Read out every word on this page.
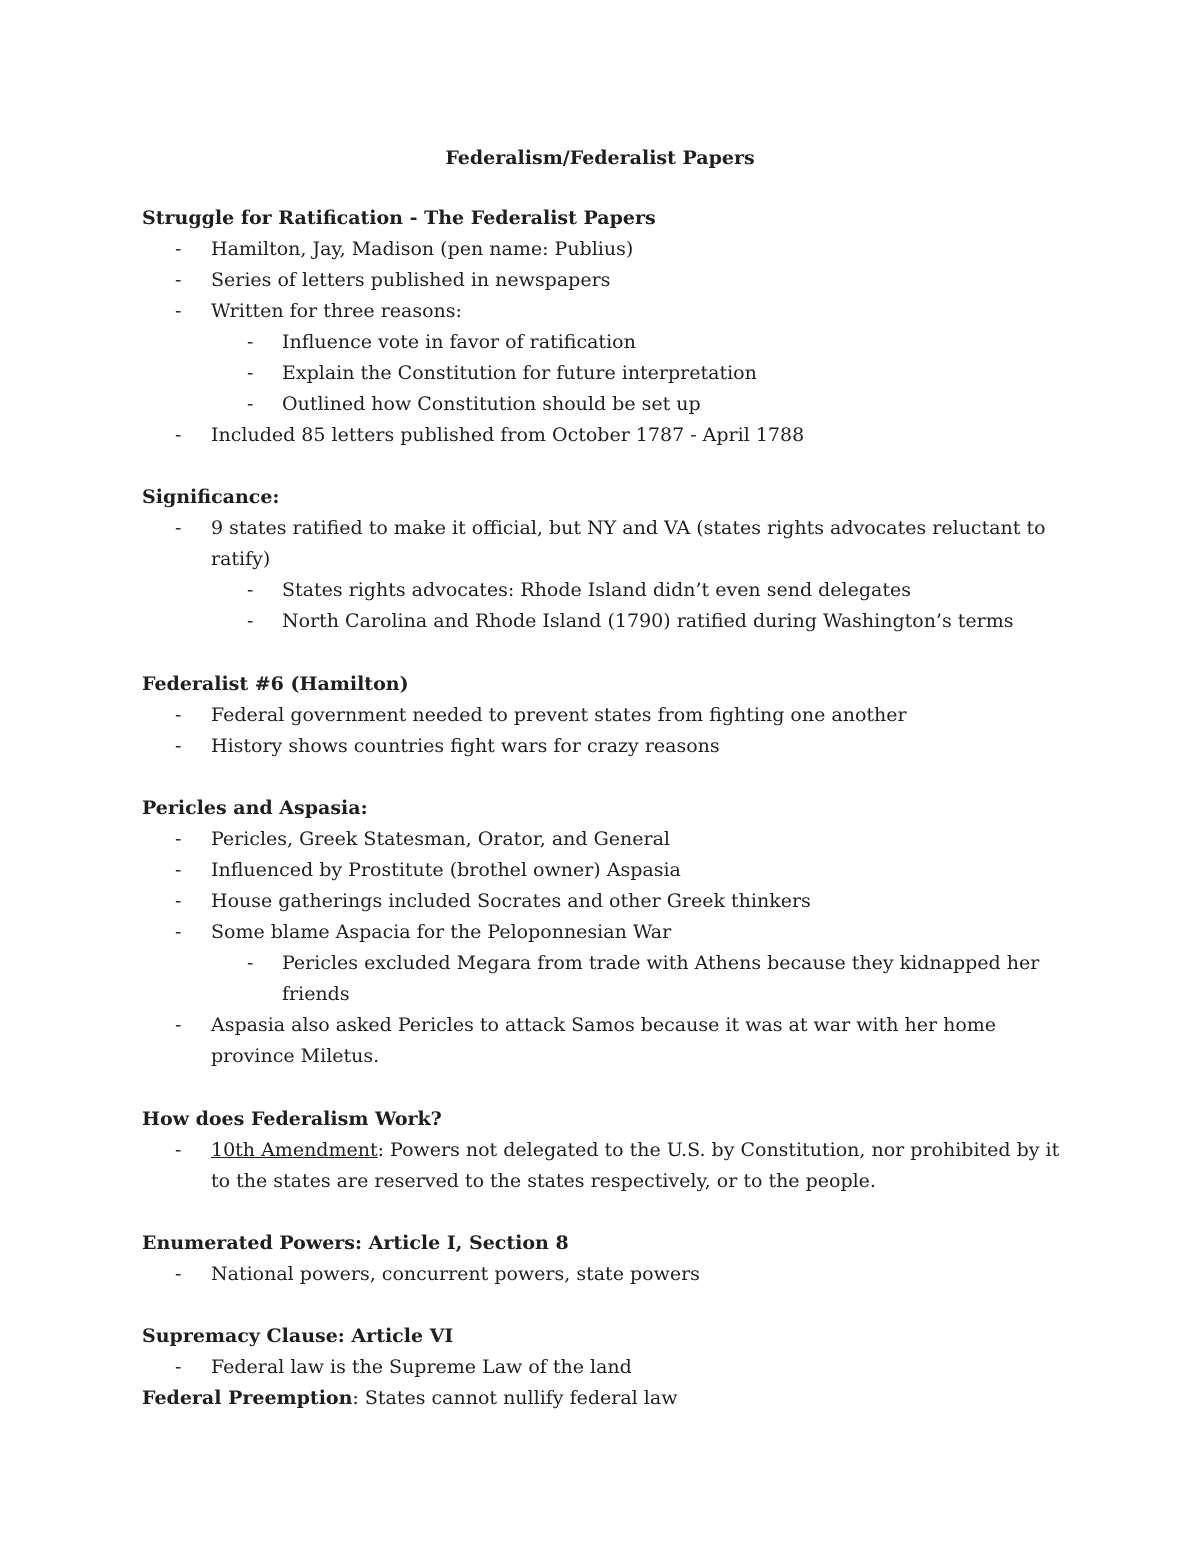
Federalism/Federalist Papers
Struggle for Ratification - The Federalist Papers
- Hamilton, Jay, Madison (pen name: Publius)
- Series of letters published in newspapers
- Written for three reasons:
- Influence vote in favor of ratification
- Explain the Constitution for future interpretation
- Outlined how Constitution should be set up
- Included 85 letters published from October 1787 - April 1788
Significance:
- 9 states ratified to make it official, but NY and VA (states rights advocates reluctant to
ratify)
- States rights advocates: Rhode Island didn’t even send delegates
- North Carolina and Rhode Island (1790) ratified during Washington’s terms
Federalist #6 (Hamilton)
- Federal government needed to prevent states from fighting one another
- History shows countries fight wars for crazy reasons
Pericles and Aspasia:
- Pericles, Greek Statesman, Orator, and General
- Influenced by Prostitute (brothel owner) Aspasia
- House gatherings included Socrates and other Greek thinkers
- Some blame Aspacia for the Peloponnesian War
- Pericles excluded Megara from trade with Athens because they kidnapped her
friends
- Aspasia also asked Pericles to attack Samos because it was at war with her home
province Miletus.
How does Federalism Work?
- 10th Amendment: Powers not delegated to the U.S. by Constitution, nor prohibited by it
to the states are reserved to the states respectively, or to the people.
Enumerated Powers: Article I, Section 8
- National powers, concurrent powers, state powers
Supremacy Clause: Article VI
- Federal law is the Supreme Law of the land
Federal Preemption: States cannot nullify federal law
